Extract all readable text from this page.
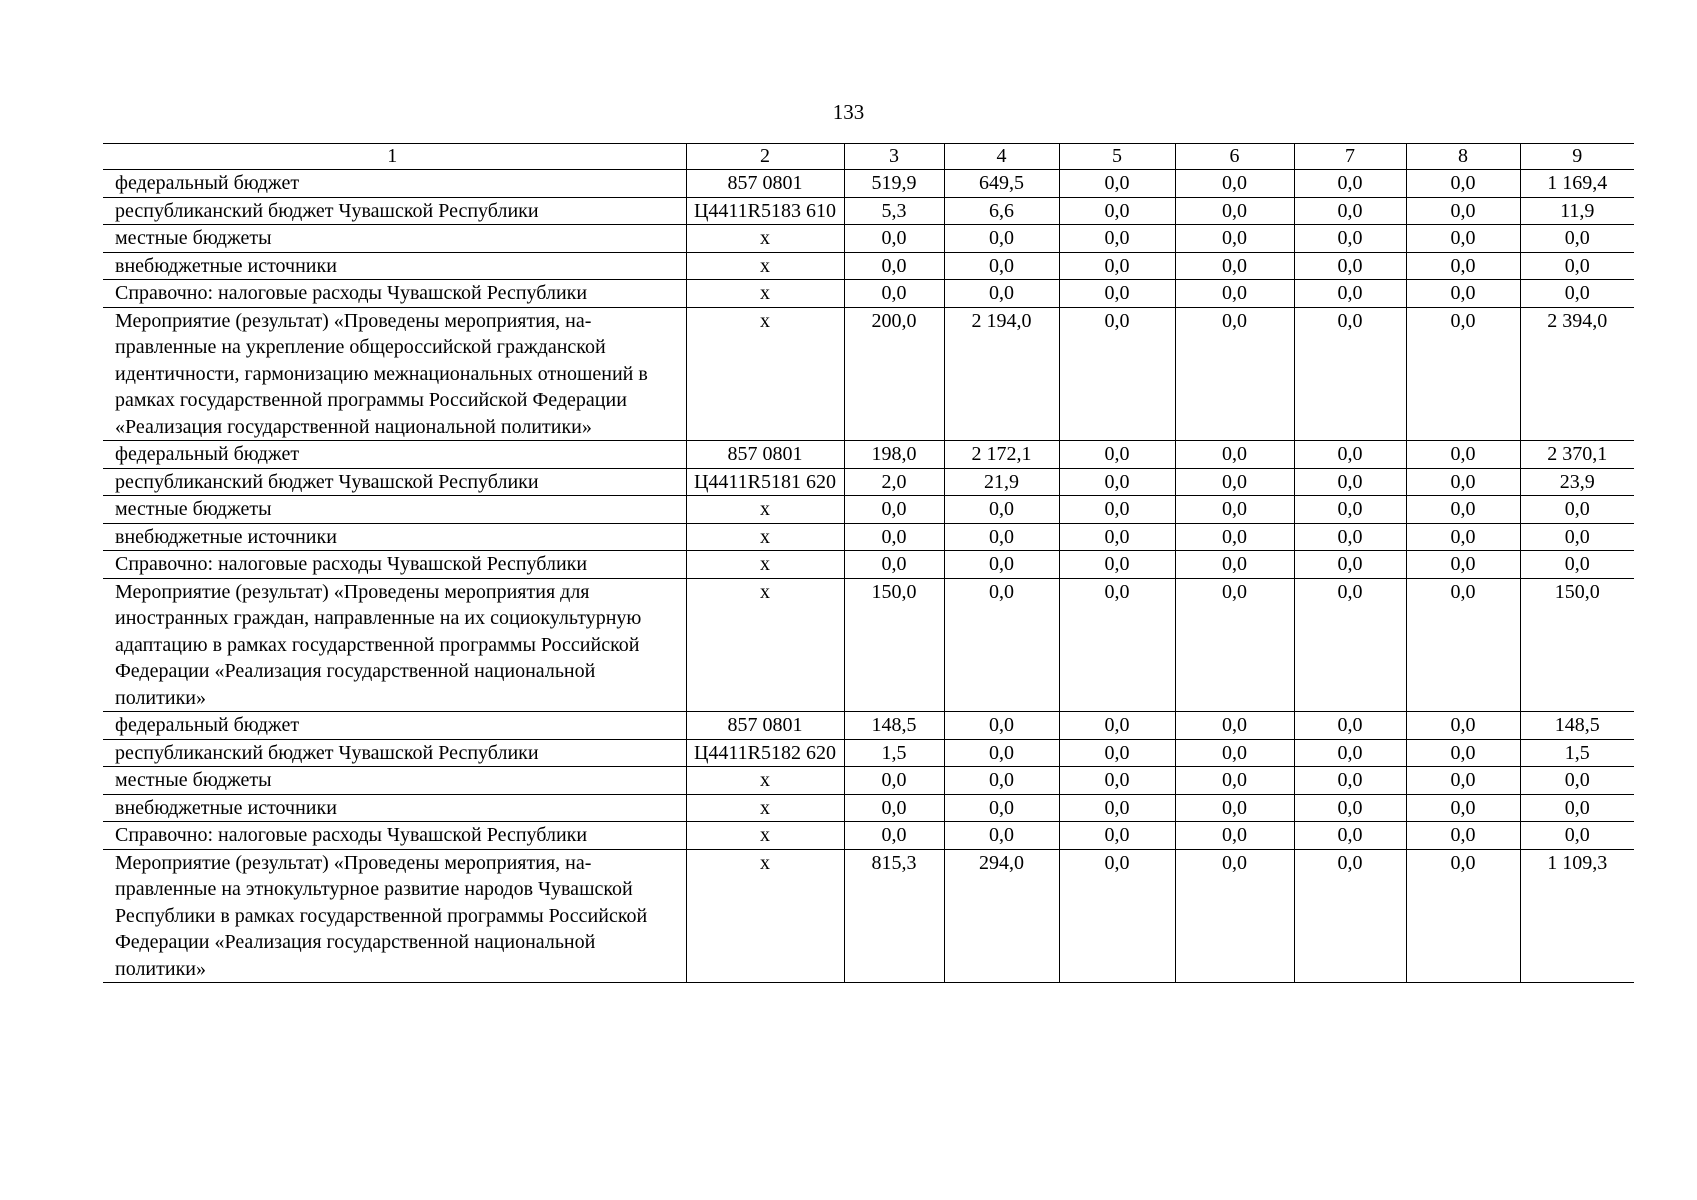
133
1	2	3	4	5	6	7	8	9
федеральный бюджет	857 0801	519,9	649,5	0,0	0,0	0,0	0,0	1 169,4
республиканский бюджет Чувашской Республики	Ц4411R5183 610	5,3	6,6	0,0	0,0	0,0	0,0	11,9
местные бюджеты	x	0,0	0,0	0,0	0,0	0,0	0,0	0,0
внебюджетные источники	x	0,0	0,0	0,0	0,0	0,0	0,0	0,0
Справочно: налоговые расходы Чувашской Республики	x	0,0	0,0	0,0	0,0	0,0	0,0	0,0
Мероприятие (результат) «Проведены мероприятия, направленные на укрепление общероссийской гражданской идентичности, гармонизацию межнациональных отношений в рамках государственной программы Российской Федерации «Реализация государственной национальной политики»	x	200,0	2 194,0	0,0	0,0	0,0	0,0	2 394,0
федеральный бюджет	857 0801	198,0	2 172,1	0,0	0,0	0,0	0,0	2 370,1
республиканский бюджет Чувашской Республики	Ц4411R5181 620	2,0	21,9	0,0	0,0	0,0	0,0	23,9
местные бюджеты	x	0,0	0,0	0,0	0,0	0,0	0,0	0,0
внебюджетные источники	x	0,0	0,0	0,0	0,0	0,0	0,0	0,0
Справочно: налоговые расходы Чувашской Республики	x	0,0	0,0	0,0	0,0	0,0	0,0	0,0
Мероприятие (результат) «Проведены мероприятия для иностранных граждан, направленные на их социокультурную адаптацию в рамках государственной программы Российской Федерации «Реализация государственной национальной политики»	x	150,0	0,0	0,0	0,0	0,0	0,0	150,0
федеральный бюджет	857 0801	148,5	0,0	0,0	0,0	0,0	0,0	148,5
республиканский бюджет Чувашской Республики	Ц4411R5182 620	1,5	0,0	0,0	0,0	0,0	0,0	1,5
местные бюджеты	x	0,0	0,0	0,0	0,0	0,0	0,0	0,0
внебюджетные источники	x	0,0	0,0	0,0	0,0	0,0	0,0	0,0
Справочно: налоговые расходы Чувашской Республики	x	0,0	0,0	0,0	0,0	0,0	0,0	0,0
Мероприятие (результат) «Проведены мероприятия, направленные на этнокультурное развитие народов Чувашской Республики в рамках государственной программы Российской Федерации «Реализация государственной национальной политики»	x	815,3	294,0	0,0	0,0	0,0	0,0	1 109,3
